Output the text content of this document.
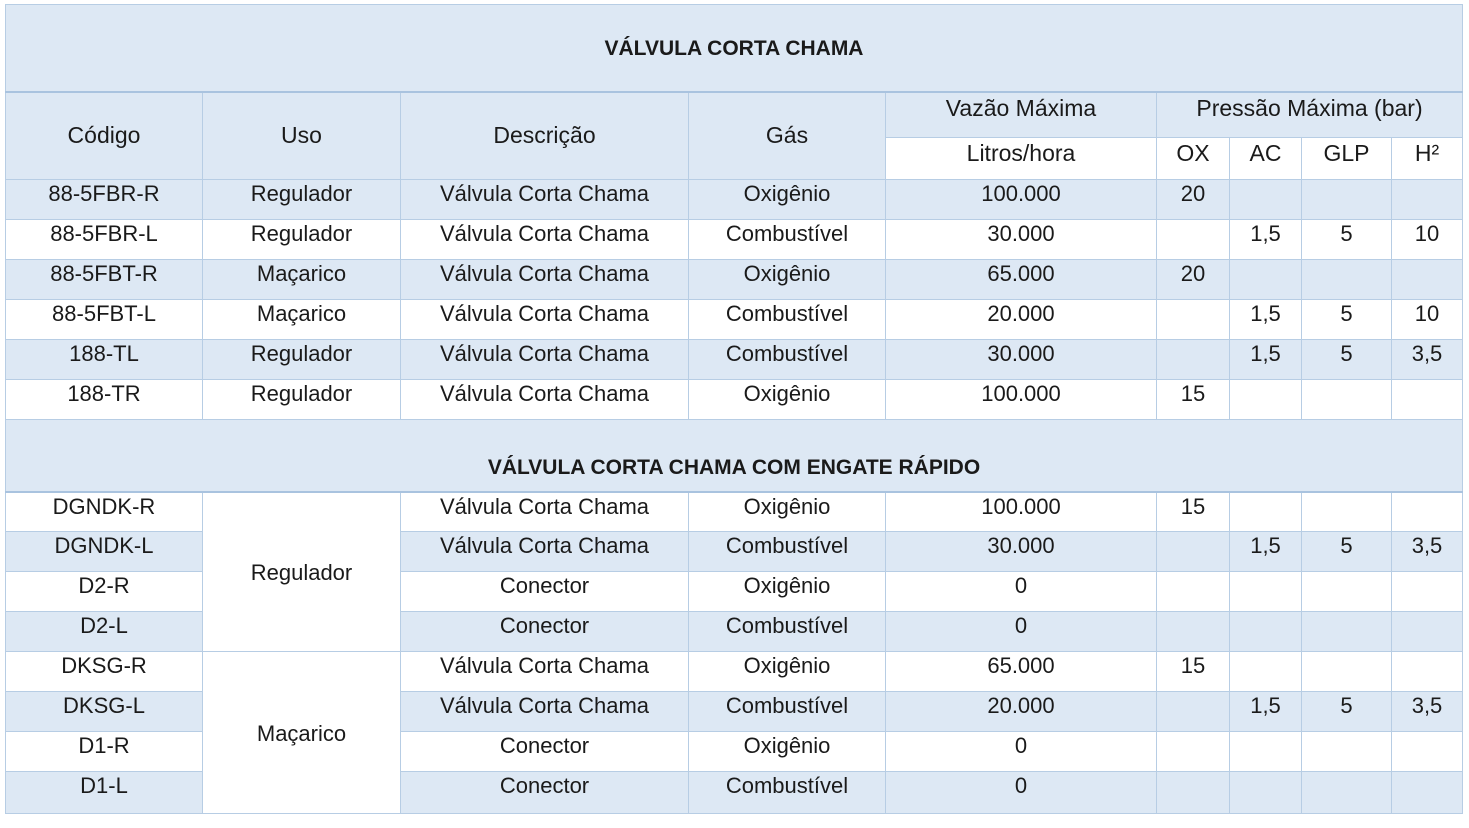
VÁLVULA CORTA CHAMA								
Código	Uso	Descrição	Gás	Vazão Máxima	Pressão Máxima (bar)			
				Litros/hora	OX	AC	GLP	H²
88-5FBR-R	Regulador	Válvula Corta Chama	Oxigênio	100.000	20			
88-5FBR-L	Regulador	Válvula Corta Chama	Combustível	30.000		1,5	5	10
88-5FBT-R	Maçarico	Válvula Corta Chama	Oxigênio	65.000	20			
88-5FBT-L	Maçarico	Válvula Corta Chama	Combustível	20.000		1,5	5	10
188-TL	Regulador	Válvula Corta Chama	Combustível	30.000		1,5	5	3,5
188-TR	Regulador	Válvula Corta Chama	Oxigênio	100.000	15			
VÁLVULA CORTA CHAMA COM ENGATE RÁPIDO								
DGNDK-R	Regulador	Válvula Corta Chama	Oxigênio	100.000	15			
DGNDK-L		Válvula Corta Chama	Combustível	30.000		1,5	5	3,5
D2-R		Conector	Oxigênio	0				
D2-L		Conector	Combustível	0				
DKSG-R	Maçarico	Válvula Corta Chama	Oxigênio	65.000	15			
DKSG-L		Válvula Corta Chama	Combustível	20.000		1,5	5	3,5
D1-R		Conector	Oxigênio	0				
D1-L		Conector	Combustível	0				
